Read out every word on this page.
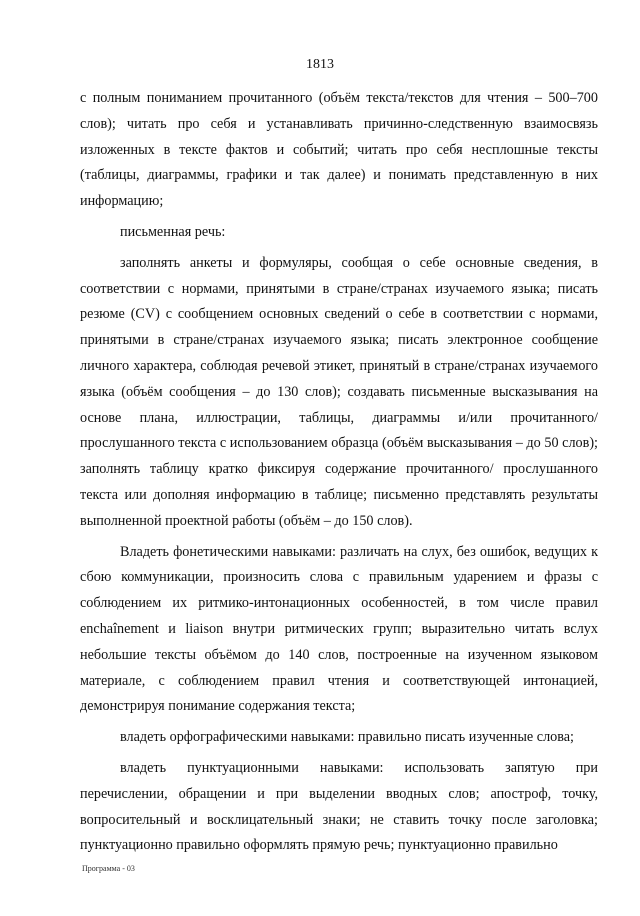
1813

с полным пониманием прочитанного (объём текста/текстов для чтения – 500–700 слов); читать про себя и устанавливать причинно-следственную взаимосвязь изложенных в тексте фактов и событий; читать про себя несплошные тексты (таблицы, диаграммы, графики и так далее) и понимать представленную в них информацию;

письменная речь:

заполнять анкеты и формуляры, сообщая о себе основные сведения, в соответствии с нормами, принятыми в стране/странах изучаемого языка; писать резюме (CV) с сообщением основных сведений о себе в соответствии с нормами, принятыми в стране/странах изучаемого языка; писать электронное сообщение личного характера, соблюдая речевой этикет, принятый в стране/странах изучаемого языка (объём сообщения – до 130 слов); создавать письменные высказывания на основе плана, иллюстрации, таблицы, диаграммы и/или прочитанного/прослушанного текста с использованием образца (объём высказывания – до 50 слов); заполнять таблицу кратко фиксируя содержание прочитанного/ прослушанного текста или дополняя информацию в таблице; письменно представлять результаты выполненной проектной работы (объём – до 150 слов).

Владеть фонетическими навыками: различать на слух, без ошибок, ведущих к сбою коммуникации, произносить слова с правильным ударением и фразы с соблюдением их ритмико-интонационных особенностей, в том числе правил enchaînement и liaison внутри ритмических групп; выразительно читать вслух небольшие тексты объёмом до 140 слов, построенные на изученном языковом материале, с соблюдением правил чтения и соответствующей интонацией, демонстрируя понимание содержания текста;

владеть орфографическими навыками: правильно писать изученные слова;

владеть пунктуационными навыками: использовать запятую при перечислении, обращении и при выделении вводных слов; апостроф, точку, вопросительный и восклицательный знаки; не ставить точку после заголовка; пунктуационно правильно оформлять прямую речь; пунктуационно правильно

Программа - 03
